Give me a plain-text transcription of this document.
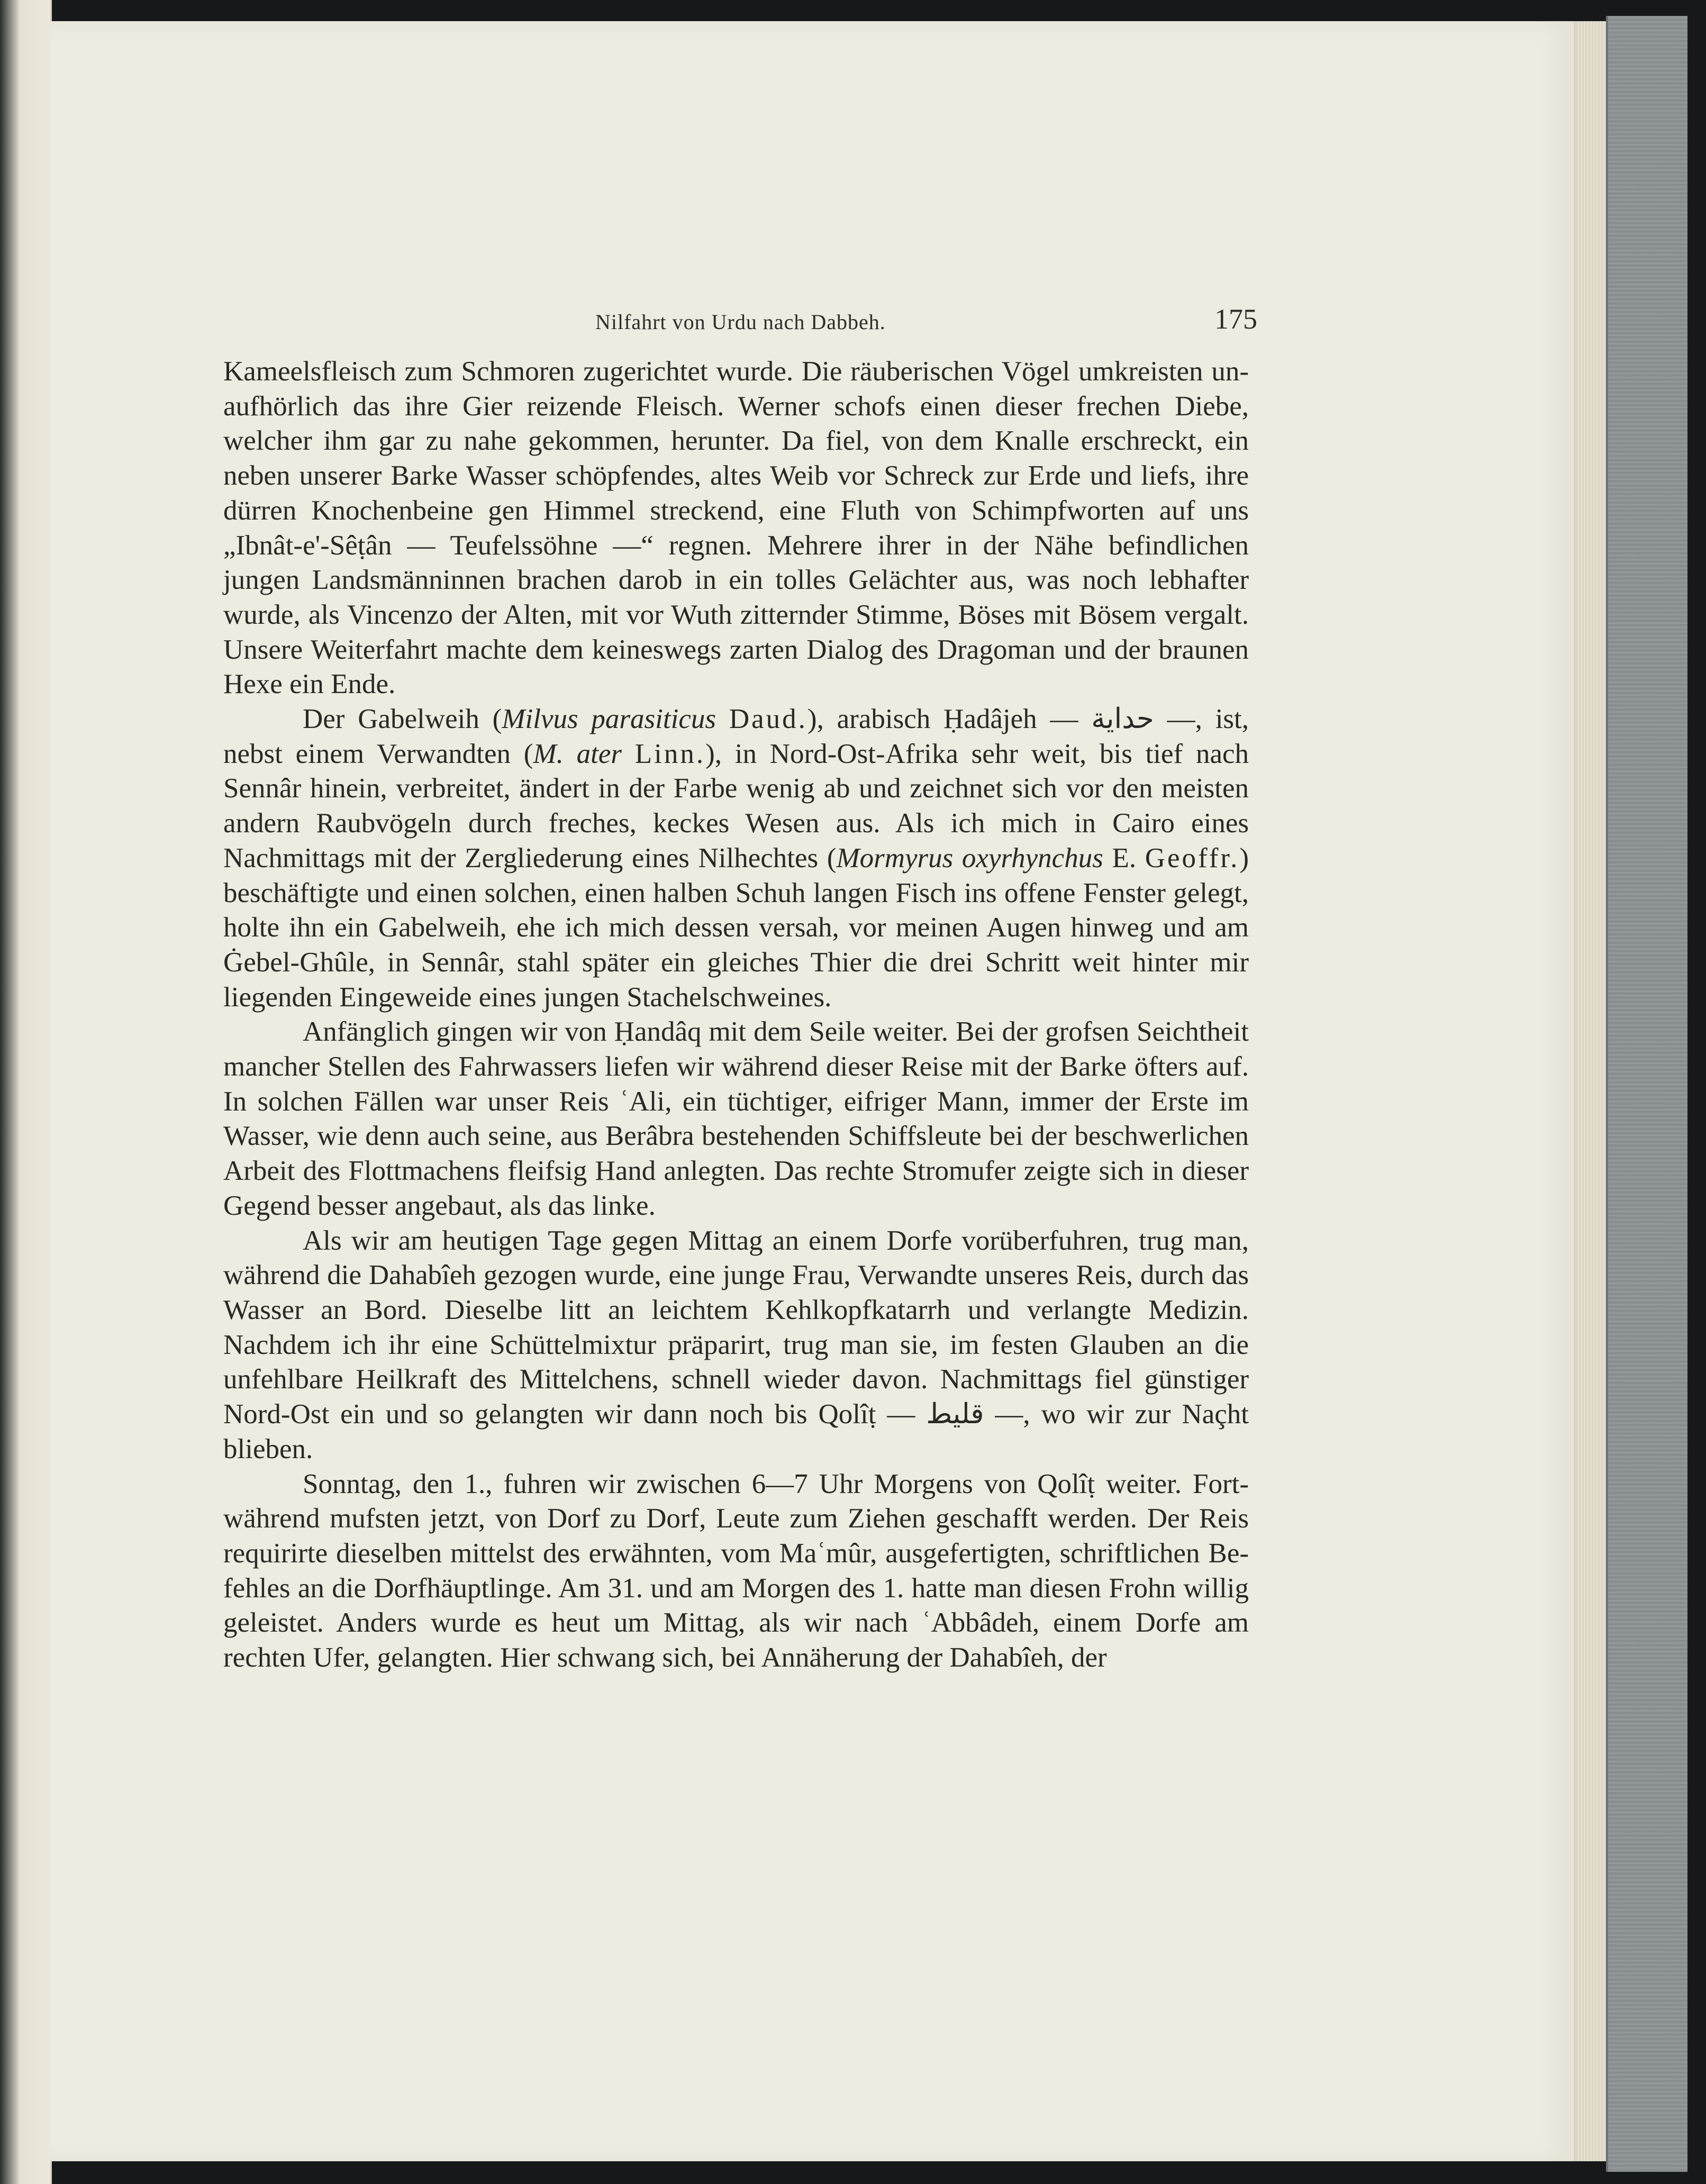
Nilfahrt von Urdu nach Dabbeh.	175

Kameelsfleisch zum Schmoren zugerichtet wurde. Die räuberischen Vögel umkreisten unaufhörlich das ihre Gier reizende Fleisch. Werner schofs einen dieser frechen Diebe, welcher ihm gar zu nahe gekommen, herunter. Da fiel, von dem Knalle erschreckt, ein neben unserer Barke Wasser schöpfendes, altes Weib vor Schreck zur Erde und liefs, ihre dürren Knochenbeine gen Himmel streckend, eine Fluth von Schimpfworten auf uns „Ibnât-e'-Sêṭân — Teufelssöhne —“ regnen. Mehrere ihrer in der Nähe befindlichen jungen Landsmänninnen brachen darob in ein tolles Gelächter aus, was noch lebhafter wurde, als Vincenzo der Alten, mit vor Wuth zitternder Stimme, Böses mit Bösem vergalt. Unsere Weiterfahrt machte dem keineswegs zarten Dialog des Dragoman und der braunen Hexe ein Ende.

Der Gabelweih (Milvus parasiticus Daud.), arabisch Ḥadâjeh — حداية —, ist, nebst einem Verwandten (M. ater Linn.), in Nord-Ost-Afrika sehr weit, bis tief nach Sennâr hinein, verbreitet, ändert in der Farbe wenig ab und zeichnet sich vor den meisten andern Raubvögeln durch freches, keckes Wesen aus. Als ich mich in Cairo eines Nachmittags mit der Zergliederung eines Nilhechtes (Mormyrus oxyrhynchus E. Geoffr.) beschäftigte und einen solchen, einen halben Schuh langen Fisch ins offene Fenster gelegt, holte ihn ein Gabelweih, ehe ich mich dessen versah, vor meinen Augen hinweg und am Ġebel-Ghûle, in Sennâr, stahl später ein gleiches Thier die drei Schritt weit hinter mir liegenden Eingeweide eines jungen Stachelschweines.

Anfänglich gingen wir von Ḥandâq mit dem Seile weiter. Bei der grofsen Seichtheit mancher Stellen des Fahrwassers liefen wir während dieser Reise mit der Barke öfters auf. In solchen Fällen war unser Reis ʿAli, ein tüchtiger, eifriger Mann, immer der Erste im Wasser, wie denn auch seine, aus Berâbra bestehenden Schiffsleute bei der beschwerlichen Arbeit des Flottmachens fleifsig Hand anlegten. Das rechte Stromufer zeigte sich in dieser Gegend besser angebaut, als das linke.

Als wir am heutigen Tage gegen Mittag an einem Dorfe vorüberfuhren, trug man, während die Dahabîeh gezogen wurde, eine junge Frau, Verwandte unseres Reis, durch das Wasser an Bord. Dieselbe litt an leichtem Kehlkopfkatarrh und verlangte Medizin. Nachdem ich ihr eine Schüttelmixtur präparirt, trug man sie, im festen Glauben an die unfehlbare Heilkraft des Mittelchens, schnell wieder davon. Nachmittags fiel günstiger Nord-Ost ein und so gelangten wir dann noch bis Qolîṭ — قليط —, wo wir zur Naçht blieben.

Sonntag, den 1., fuhren wir zwischen 6—7 Uhr Morgens von Qolîṭ weiter. Fortwährend mufsten jetzt, von Dorf zu Dorf, Leute zum Ziehen geschafft werden. Der Reis requirirte dieselben mittelst des erwähnten, vom Maʿmûr, ausgefertigten, schriftlichen Befehles an die Dorfhäuptlinge. Am 31. und am Morgen des 1. hatte man diesen Frohn willig geleistet. Anders wurde es heut um Mittag, als wir nach ʿAbbâdeh, einem Dorfe am rechten Ufer, gelangten. Hier schwang sich, bei Annäherung der Dahabîeh, der
